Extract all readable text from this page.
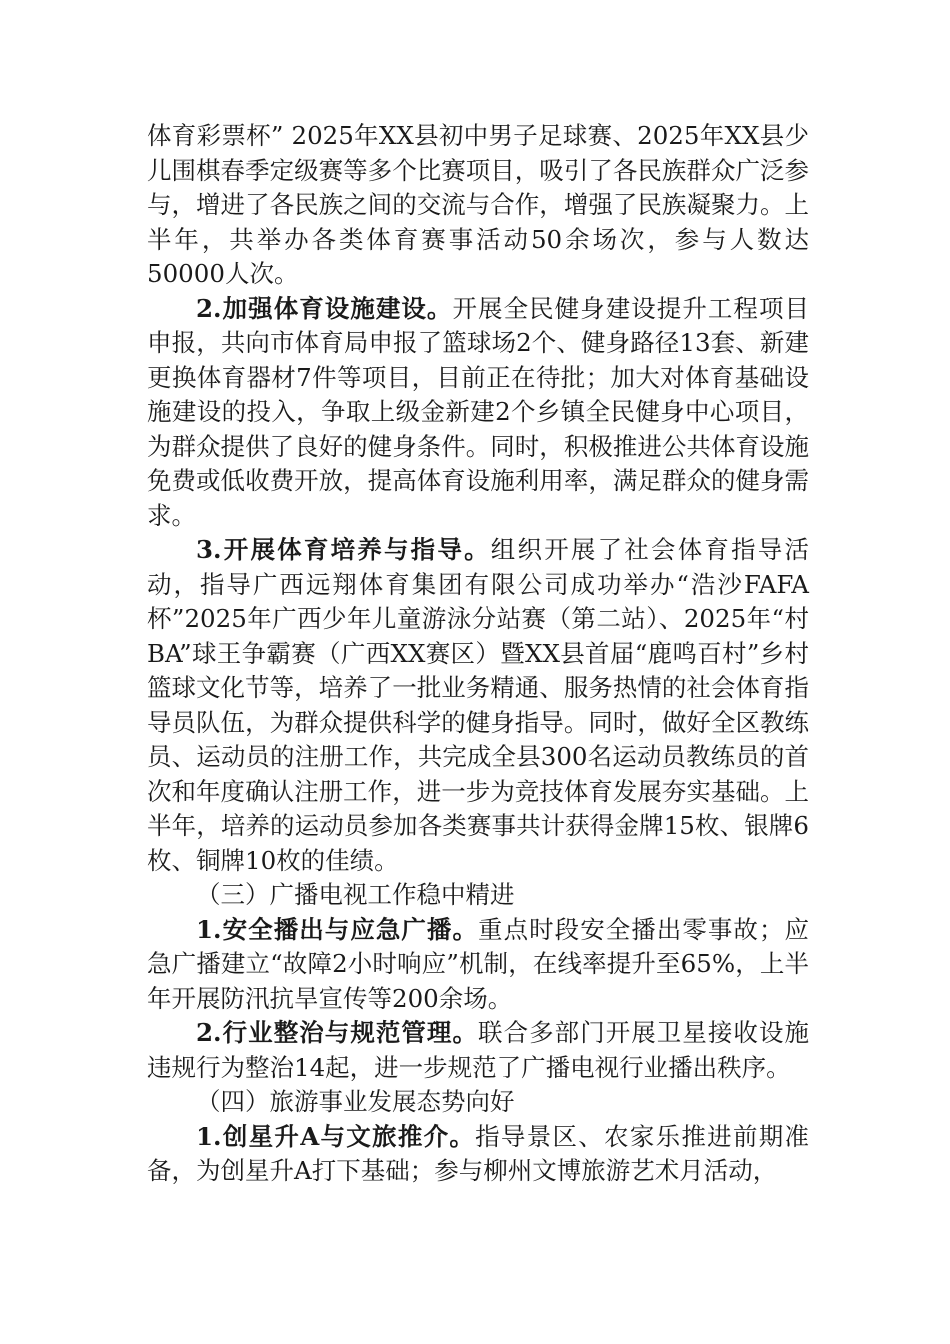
体育彩票杯” 2025年XX县初中男子足球赛、2025年XX县少儿围棋春季定级赛等多个比赛项目，吸引了各民族群众广泛参与，增进了各民族之间的交流与合作，增强了民族凝聚力。上半年，共举办各类体育赛事活动50余场次，参与人数达50000人次。

2.加强体育设施建设。开展全民健身建设提升工程项目申报，共向市体育局申报了篮球场2个、健身路径13套、新建更换体育器材7件等项目，目前正在待批；加大对体育基础设施建设的投入，争取上级金新建2个乡镇全民健身中心项目，为群众提供了良好的健身条件。同时，积极推进公共体育设施免费或低收费开放，提高体育设施利用率，满足群众的健身需求。

3.开展体育培养与指导。组织开展了社会体育指导活动，指导广西远翔体育集团有限公司成功举办“浩沙FAFA杯”2025年广西少年儿童游泳分站赛（第二站）、2025年“村BA”球王争霸赛（广西XX赛区）暨XX县首届“鹿鸣百村”乡村篮球文化节等，培养了一批业务精通、服务热情的社会体育指导员队伍，为群众提供科学的健身指导。同时，做好全区教练员、运动员的注册工作，共完成全县300名运动员教练员的首次和年度确认注册工作，进一步为竞技体育发展夯实基础。上半年，培养的运动员参加各类赛事共计获得金牌15枚、银牌6枚、铜牌10枚的佳绩。

（三）广播电视工作稳中精进

1.安全播出与应急广播。重点时段安全播出零事故；应急广播建立“故障2小时响应”机制，在线率提升至65%，上半年开展防汛抗旱宣传等200余场。

2.行业整治与规范管理。联合多部门开展卫星接收设施违规行为整治14起，进一步规范了广播电视行业播出秩序。

（四）旅游事业发展态势向好

1.创星升A与文旅推介。指导景区、农家乐推进前期准备，为创星升A打下基础；参与柳州文博旅游艺术月活动，
